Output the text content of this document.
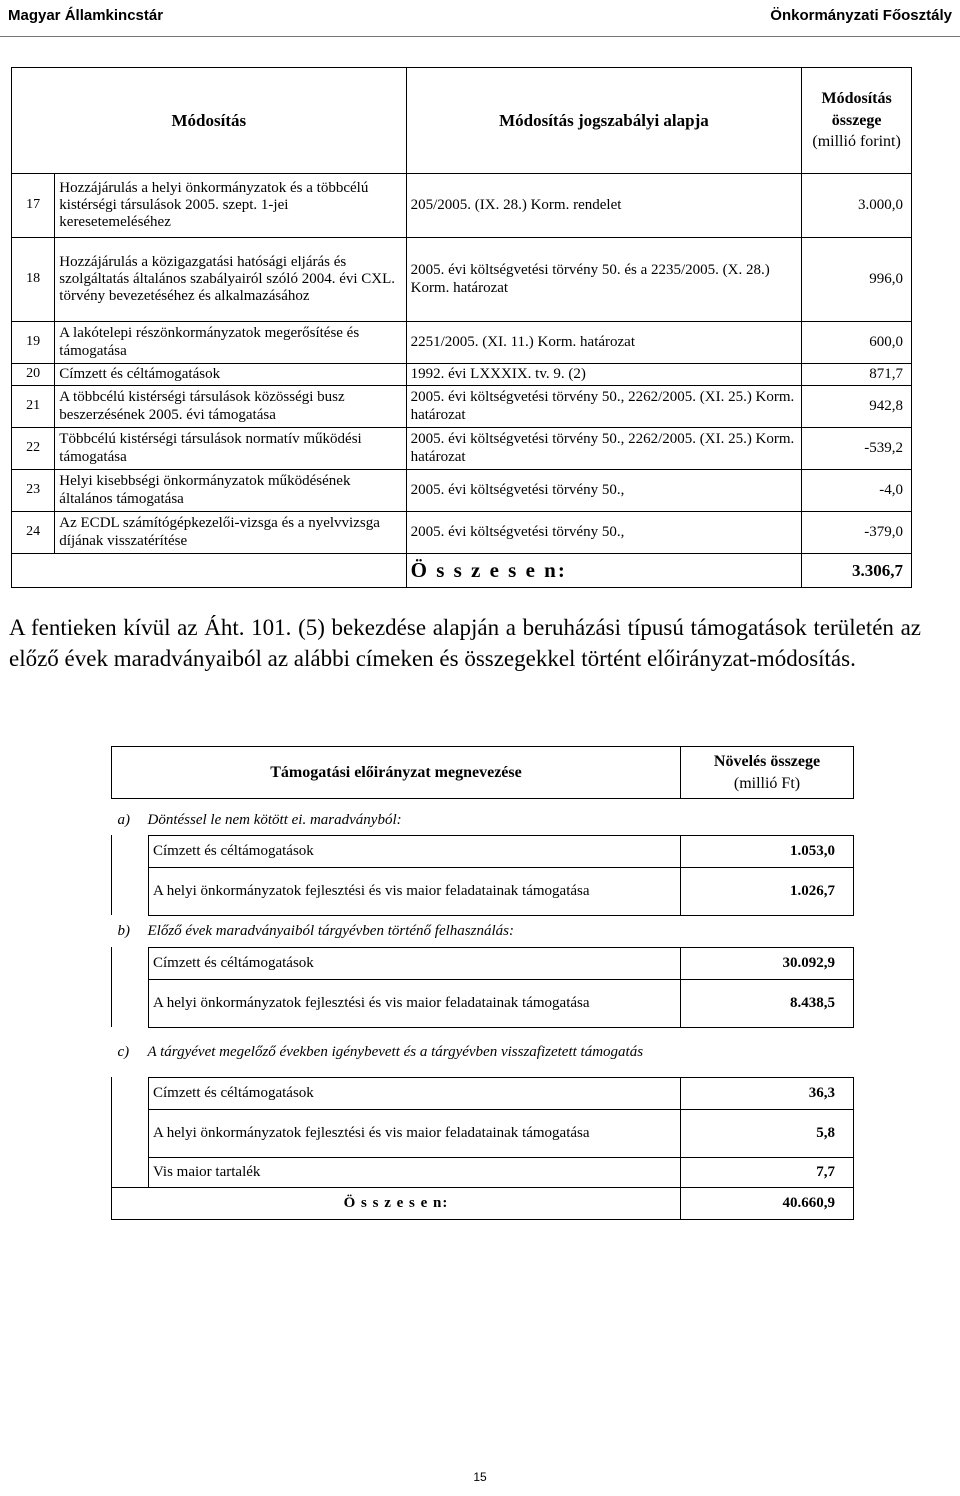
Magyar Államkincstár	Önkormányzati Főosztály
Módosítás		Módosítás jogszabályi alapja	Módosítás összege
(millió forint)
17	Hozzájárulás a helyi önkormányzatok és a többcélú kistérségi társulások 2005. szept. 1-jei keresetemeléséhez	205/2005. (IX. 28.) Korm. rendelet	3.000,0
18	Hozzájárulás a közigazgatási hatósági eljárás és szolgáltatás általános szabályairól szóló 2004. évi CXL. törvény bevezetéséhez és alkalmazásához	2005. évi költségvetési törvény 50. és a 2235/2005. (X. 28.) Korm. határozat	996,0
19	A lakótelepi részönkormányzatok megerősítése és támogatása	2251/2005. (XI. 11.) Korm. határozat	600,0
20	Címzett és céltámogatások	1992. évi LXXXIX. tv. 9. (2)	871,7
21	A többcélú kistérségi társulások közösségi busz beszerzésének 2005. évi támogatása	2005. évi költségvetési törvény 50., 2262/2005. (XI. 25.) Korm. határozat	942,8
22	Többcélú kistérségi társulások normatív működési támogatása	2005. évi költségvetési törvény 50., 2262/2005. (XI. 25.) Korm. határozat	-539,2
23	Helyi kisebbségi önkormányzatok működésének általános támogatása	2005. évi költségvetési törvény 50.,	-4,0
24	Az ECDL számítógépkezelői-vizsga és a nyelvvizsga díjának visszatérítése	2005. évi költségvetési törvény 50.,	-379,0
		Ö s s z e s e n:	3.306,7
A fentieken kívül az Áht. 101. (5) bekezdése alapján a beruházási típusú támogatások területén az előző évek maradványaiból az alábbi címeken és összegekkel történt előirányzat-módosítás.
Támogatási előirányzat megnevezése		Növelés összege
(millió Ft)

a) Döntéssel le nem kötött ei. maradványból:		
	Címzett és céltámogatások	1.053,0
	A helyi önkormányzatok fejlesztési és vis maior feladatainak támogatása	1.026,7
b) Előző évek maradványaiból tárgyévben történő felhasználás:		
	Címzett és céltámogatások	30.092,9
	A helyi önkormányzatok fejlesztési és vis maior feladatainak támogatása	8.438,5
c) A tárgyévet megelőző években igénybevett és a tárgyévben visszafizetett támogatás		
	Címzett és céltámogatások	36,3
	A helyi önkormányzatok fejlesztési és vis maior feladatainak támogatása	5,8
	Vis maior tartalék	7,7
Ö s s z e s e n:		40.660,9
15
